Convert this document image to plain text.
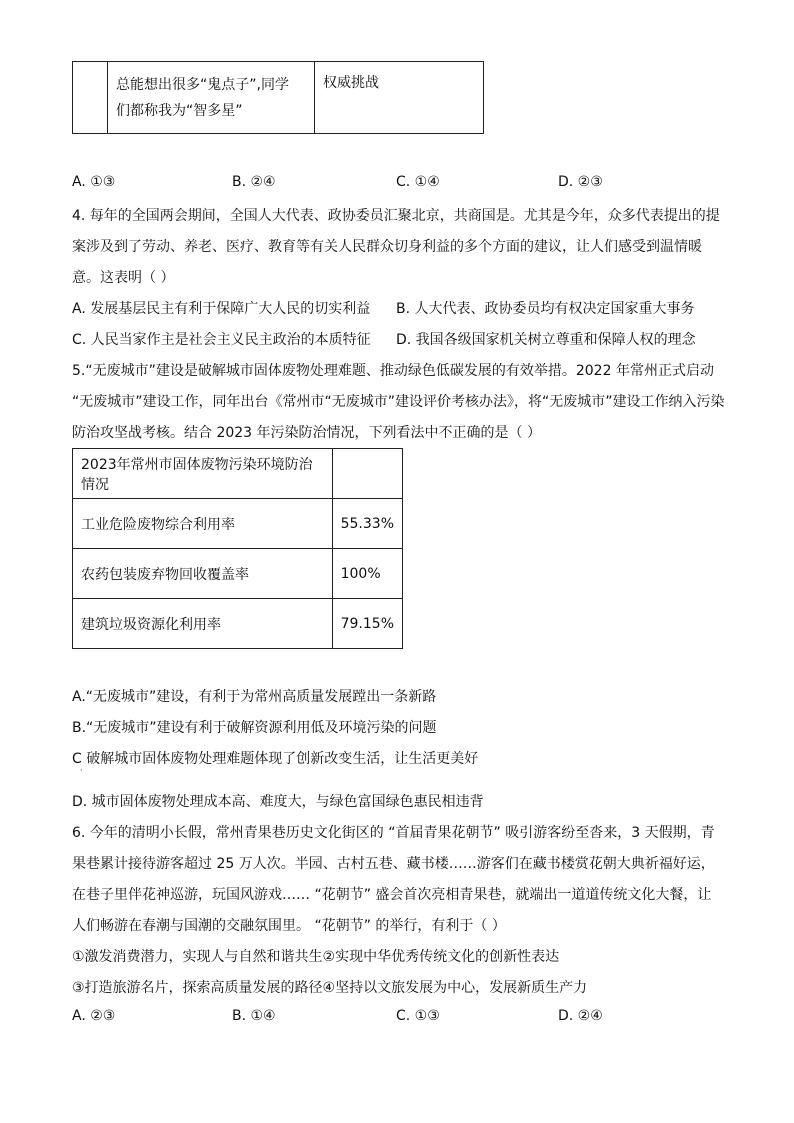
总能想出很多“鬼点子”,同学
们都称我为“智多星”
	权威挑战
A. ①③	B. ②④	C. ①④	D. ②③
4. 每年的全国两会期间，全国人大代表、政协委员汇聚北京，共商国是。尤其是今年，众多代表提出的提
案涉及到了劳动、养老、医疗、教育等有关人民群众切身利益的多个方面的建议，让人们感受到温情暖
意。这表明（ ）
A. 发展基层民主有利于保障广大人民的切实利益 B. 人大代表、政协委员均有权决定国家重大事务
C. 人民当家作主是社会主义民主政治的本质特征 D. 我国各级国家机关树立尊重和保障人权的理念
5.“无废城市”建设是破解城市固体废物处理难题、推动绿色低碳发展的有效举措。2022 年常州正式启动
“无废城市”建设工作，同年出台《常州市“无废城市”建设评价考核办法》，将“无废城市”建设工作纳入污染
防治攻坚战考核。结合 2023 年污染防治情况，下列看法中不正确的是（ ）
2023年常州市固体废物污染环境防治情况	
工业危险废物综合利用率	55.33%
农药包装废弃物回收覆盖率	100%
建筑垃圾资源化利用率	79.15%
A.“无废城市”建设，有利于为常州高质量发展蹚出一条新路
B.“无废城市”建设有利于破解资源利用低及环境污染的问题
C 破解城市固体废物处理难题体现了创新改变生活，让生活更美好
·
D. 城市固体废物处理成本高、难度大，与绿色富国绿色惠民相违背
6. 今年的清明小长假，常州青果巷历史文化街区的 “首届青果花朝节” 吸引游客纷至沓来，3 天假期，青
果巷累计接待游客超过 25 万人次。半园、古村五巷、藏书楼……游客们在藏书楼赏花朝大典祈福好运，
在巷子里伴花神巡游，玩国风游戏…… “花朝节” 盛会首次亮相青果巷，就端出一道道传统文化大餐，让
人们畅游在春潮与国潮的交融氛围里。 “花朝节” 的举行，有利于（ ）
①激发消费潜力，实现人与自然和谐共生②实现中华优秀传统文化的创新性表达
③打造旅游名片，探索高质量发展的路径④坚持以文旅发展为中心，发展新质生产力
A. ②③	B. ①④	C. ①③	D. ②④
